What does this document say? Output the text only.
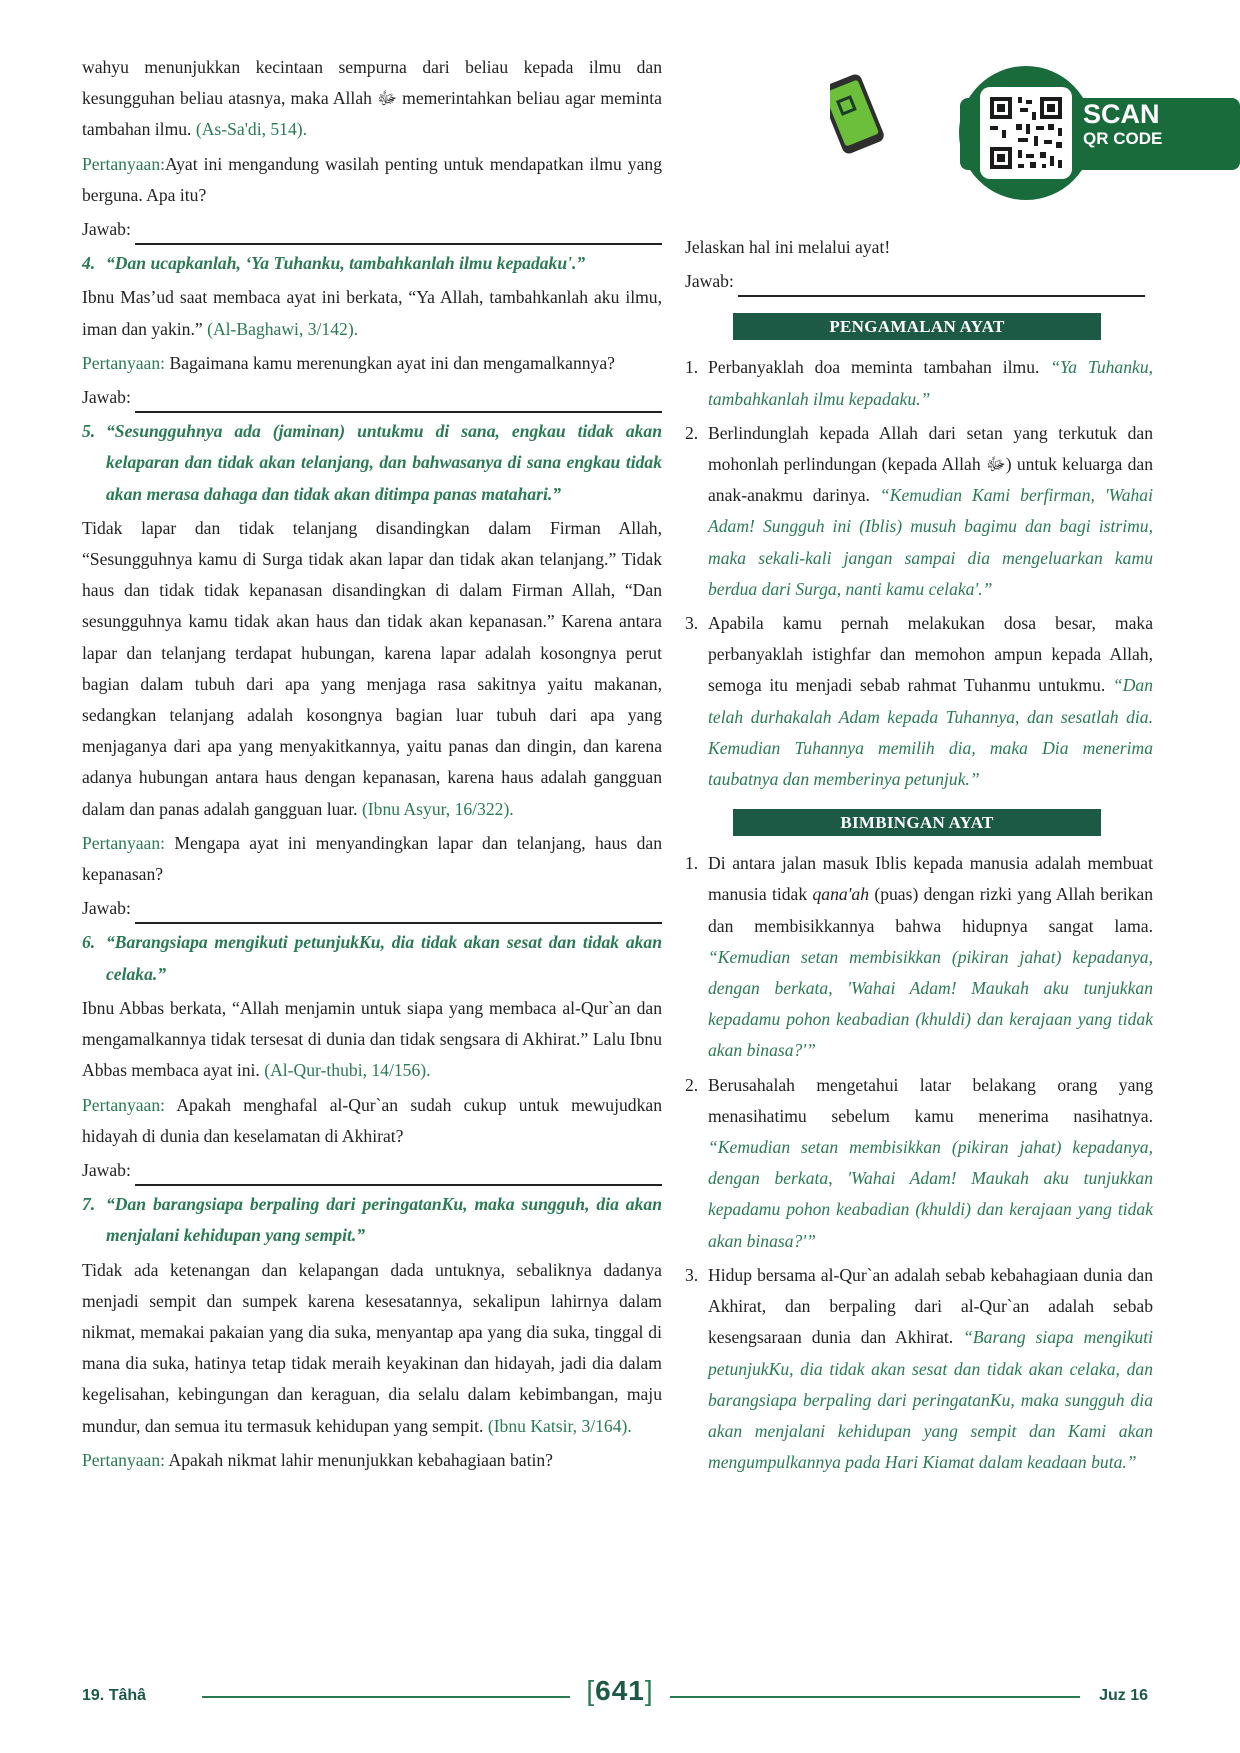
wahyu menunjukkan kecintaan sempurna dari beliau kepada ilmu dan kesungguhan beliau atasnya, maka Allah ﷻ memerintahkan beliau agar meminta tambahan ilmu. (As-Sa'di, 514).

Pertanyaan:Ayat ini mengandung wasilah penting untuk mendapatkan ilmu yang berguna. Apa itu?

Jawab:
4. “Dan ucapkanlah, ‘Ya Tuhanku, tambahkanlah ilmu kepadaku'.”

Ibnu Mas’ud saat membaca ayat ini berkata, “Ya Allah, tambahkanlah aku ilmu, iman dan yakin.” (Al-Baghawi, 3/142).

Pertanyaan: Bagaimana kamu merenungkan ayat ini dan mengamalkannya?

Jawab:
5. “Sesungguhnya ada (jaminan) untukmu di sana, engkau tidak akan kelaparan dan tidak akan telanjang, dan bahwasanya di sana engkau tidak akan merasa dahaga dan tidak akan ditimpa panas matahari.”

Tidak lapar dan tidak telanjang disandingkan dalam Firman Allah, “Sesungguhnya kamu di Surga tidak akan lapar dan tidak akan telanjang.” Tidak haus dan tidak tidak kepanasan disandingkan di dalam Firman Allah, “Dan sesungguhnya kamu tidak akan haus dan tidak akan kepanasan.” Karena antara lapar dan telanjang terdapat hubungan, karena lapar adalah kosongnya perut bagian dalam tubuh dari apa yang menjaga rasa sakitnya yaitu makanan, sedangkan telanjang adalah kosongnya bagian luar tubuh dari apa yang menjaganya dari apa yang menyakitkannya, yaitu panas dan dingin, dan karena adanya hubungan antara haus dengan kepanasan, karena haus adalah gangguan dalam dan panas adalah gangguan luar. (Ibnu Asyur, 16/322).

Pertanyaan: Mengapa ayat ini menyandingkan lapar dan telanjang, haus dan kepanasan?

Jawab:
6. “Barangsiapa mengikuti petunjukKu, dia tidak akan sesat dan tidak akan celaka.”

Ibnu Abbas berkata, “Allah menjamin untuk siapa yang membaca al-Qur`an dan mengamalkannya tidak tersesat di dunia dan tidak sengsara di Akhirat.” Lalu Ibnu Abbas membaca ayat ini. (Al-Qur-thubi, 14/156).

Pertanyaan: Apakah menghafal al-Qur`an sudah cukup untuk mewujudkan hidayah di dunia dan keselamatan di Akhirat?

Jawab:
7. “Dan barangsiapa berpaling dari peringatanKu, maka sungguh, dia akan menjalani kehidupan yang sempit.”

Tidak ada ketenangan dan kelapangan dada untuknya, sebaliknya dadanya menjadi sempit dan sumpek karena kesesatannya, sekalipun lahirnya dalam nikmat, memakai pakaian yang dia suka, menyantap apa yang dia suka, tinggal di mana dia suka, hatinya tetap tidak meraih keyakinan dan hidayah, jadi dia dalam kegelisahan, kebingungan dan keraguan, dia selalu dalam kebimbangan, maju mundur, dan semua itu termasuk kehidupan yang sempit. (Ibnu Katsir, 3/164).

Pertanyaan: Apakah nikmat lahir menunjukkan kebahagiaan batin?

SCAN
QR CODE

Jelaskan hal ini melalui ayat!

Jawab:
PENGAMALAN AYAT
1. Perbanyaklah doa meminta tambahan ilmu. “Ya Tuhanku, tambahkanlah ilmu kepadaku.”
2. Berlindunglah kepada Allah dari setan yang terkutuk dan mohonlah perlindungan (kepada Allah ﷻ) untuk keluarga dan anak-anakmu darinya. “Kemudian Kami berfirman, 'Wahai Adam! Sungguh ini (Iblis) musuh bagimu dan bagi istrimu, maka sekali-kali jangan sampai dia mengeluarkan kamu berdua dari Surga, nanti kamu celaka'.”
3. Apabila kamu pernah melakukan dosa besar, maka perbanyaklah istighfar dan memohon ampun kepada Allah, semoga itu menjadi sebab rahmat Tuhanmu untukmu. “Dan telah durhakalah Adam kepada Tuhannya, dan sesatlah dia. Kemudian Tuhannya memilih dia, maka Dia menerima taubatnya dan memberinya petunjuk.”
BIMBINGAN AYAT
1. Di antara jalan masuk Iblis kepada manusia adalah membuat manusia tidak qana'ah (puas) dengan rizki yang Allah berikan dan membisikkannya bahwa hidupnya sangat lama. “Kemudian setan membisikkan (pikiran jahat) kepadanya, dengan berkata, 'Wahai Adam! Maukah aku tunjukkan kepadamu pohon keabadian (khuldi) dan kerajaan yang tidak akan binasa?'”
2. Berusahalah mengetahui latar belakang orang yang menasihatimu sebelum kamu menerima nasihatnya. “Kemudian setan membisikkan (pikiran jahat) kepadanya, dengan berkata, 'Wahai Adam! Maukah aku tunjukkan kepadamu pohon keabadian (khuldi) dan kerajaan yang tidak akan binasa?'”
3. Hidup bersama al-Qur`an adalah sebab kebahagiaan dunia dan Akhirat, dan berpaling dari al-Qur`an adalah sebab kesengsaraan dunia dan Akhirat. “Barang siapa mengikuti petunjukKu, dia tidak akan sesat dan tidak akan celaka, dan barangsiapa berpaling dari peringatanKu, maka sungguh dia akan menjalani kehidupan yang sempit dan Kami akan mengumpulkannya pada Hari Kiamat dalam keadaan buta.”
19. Tâhâ	[641]	Juz 16
